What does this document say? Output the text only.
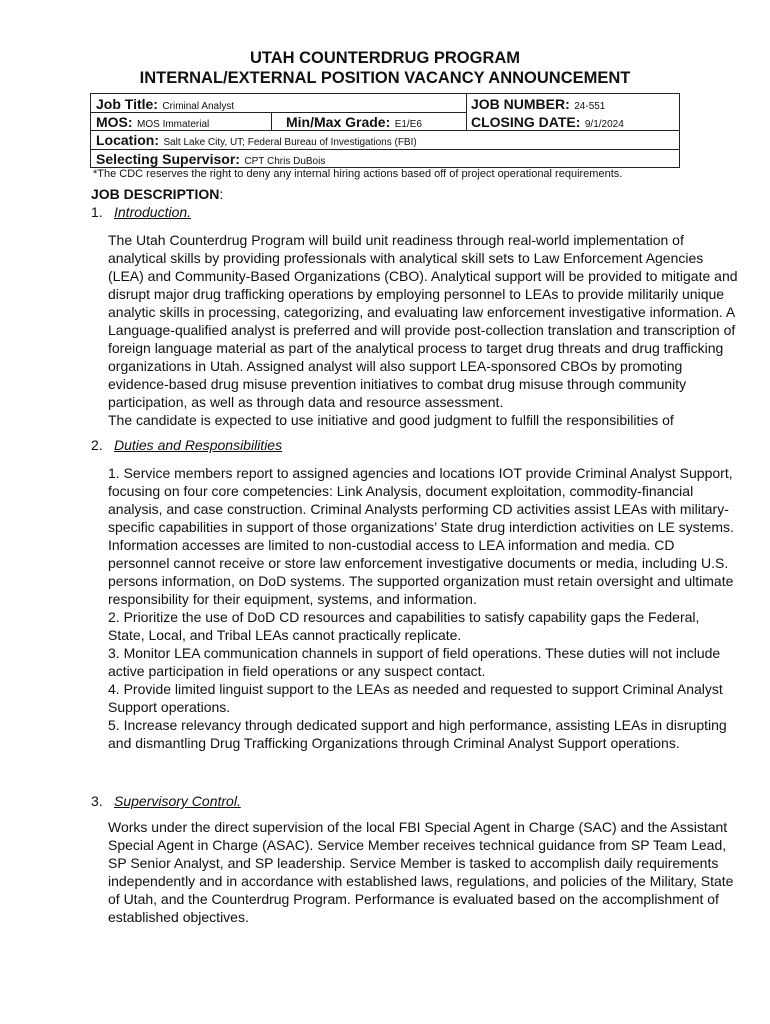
UTAH COUNTERDRUG PROGRAM
INTERNAL/EXTERNAL POSITION VACANCY ANNOUNCEMENT
Job Title: Criminal Analyst
MOS: MOS Immaterial	Min/Max Grade: E1/E6
JOB NUMBER: 24-551
CLOSING DATE: 9/1/2024
Location: Salt Lake City, UT; Federal Bureau of Investigations (FBI)
Selecting Supervisor: CPT Chris DuBois
*The CDC reserves the right to deny any internal hiring actions based off of project operational requirements.
JOB DESCRIPTION:
1. Introduction.
The Utah Counterdrug Program will build unit readiness through real-world implementation of analytical skills by providing professionals with analytical skill sets to Law Enforcement Agencies (LEA) and Community-Based Organizations (CBO). Analytical support will be provided to mitigate and disrupt major drug trafficking operations by employing personnel to LEAs to provide militarily unique analytic skills in processing, categorizing, and evaluating law enforcement investigative information. A Language-qualified analyst is preferred and will provide post-collection translation and transcription of foreign language material as part of the analytical process to target drug threats and drug trafficking organizations in Utah. Assigned analyst will also support LEA-sponsored CBOs by promoting evidence-based drug misuse prevention initiatives to combat drug misuse through community participation, as well as through data and resource assessment.
The candidate is expected to use initiative and good judgment to fulfill the responsibilities of
2. Duties and Responsibilities
1. Service members report to assigned agencies and locations IOT provide Criminal Analyst Support, focusing on four core competencies: Link Analysis, document exploitation, commodity-financial analysis, and case construction. Criminal Analysts performing CD activities assist LEAs with military-specific capabilities in support of those organizations’ State drug interdiction activities on LE systems. Information accesses are limited to non-custodial access to LEA information and media. CD personnel cannot receive or store law enforcement investigative documents or media, including U.S. persons information, on DoD systems. The supported organization must retain oversight and ultimate responsibility for their equipment, systems, and information.
2. Prioritize the use of DoD CD resources and capabilities to satisfy capability gaps the Federal, State, Local, and Tribal LEAs cannot practically replicate.
3. Monitor LEA communication channels in support of field operations. These duties will not include active participation in field operations or any suspect contact.
4. Provide limited linguist support to the LEAs as needed and requested to support Criminal Analyst Support operations.
5. Increase relevancy through dedicated support and high performance, assisting LEAs in disrupting and dismantling Drug Trafficking Organizations through Criminal Analyst Support operations.
3. Supervisory Control.
Works under the direct supervision of the local FBI Special Agent in Charge (SAC) and the Assistant Special Agent in Charge (ASAC). Service Member receives technical guidance from SP Team Lead, SP Senior Analyst, and SP leadership. Service Member is tasked to accomplish daily requirements independently and in accordance with established laws, regulations, and policies of the Military, State of Utah, and the Counterdrug Program. Performance is evaluated based on the accomplishment of established objectives.
